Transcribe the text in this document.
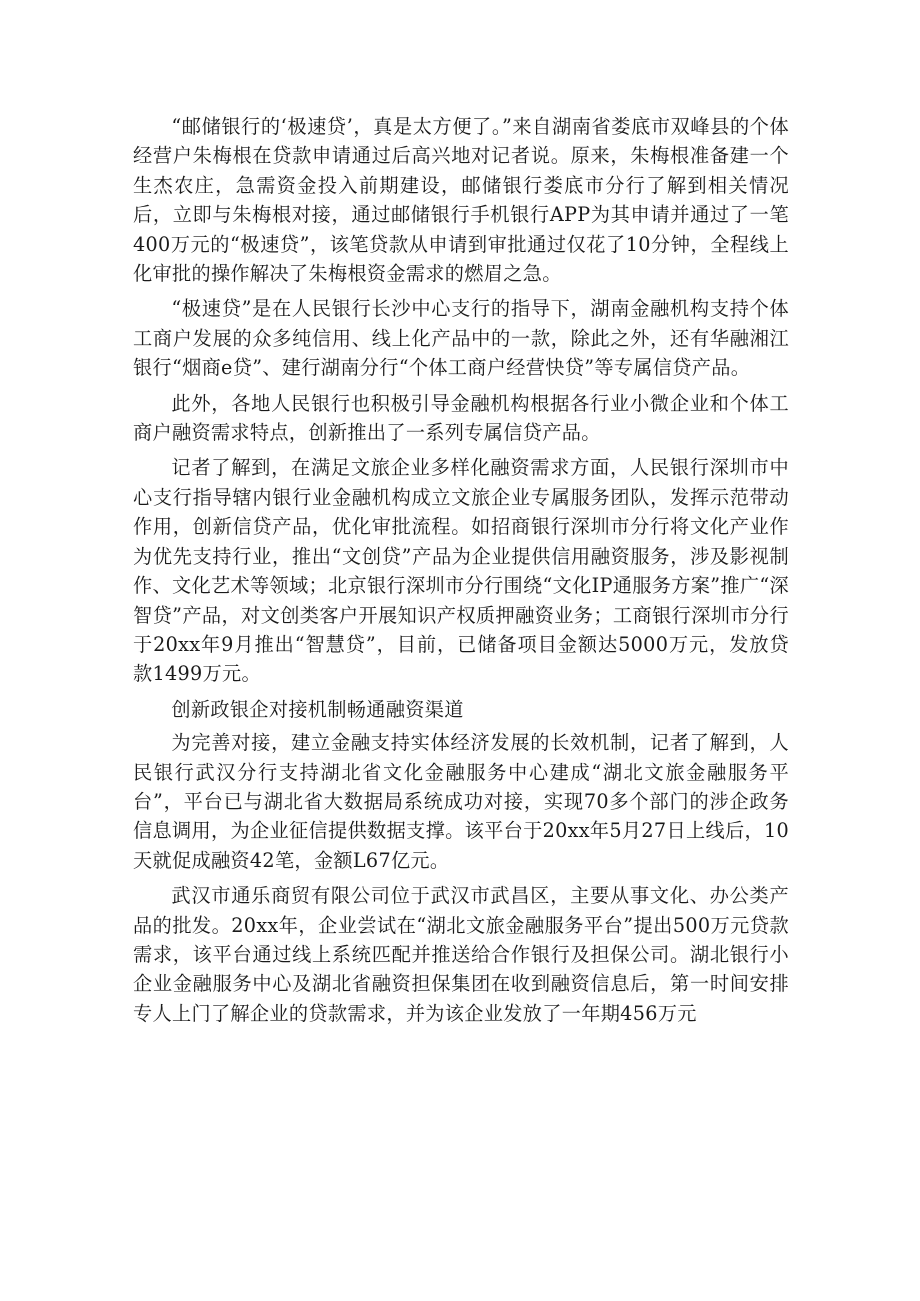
“邮储银行的‘极速贷’，真是太方便了。”来自湖南省娄底市双峰县的个体经营户朱梅根在贷款申请通过后高兴地对记者说。原来，朱梅根准备建一个生杰农庄，急需资金投入前期建设，邮储银行娄底市分行了解到相关情况后，立即与朱梅根对接，通过邮储银行手机银行APP为其申请并通过了一笔400万元的“极速贷”，该笔贷款从申请到审批通过仅花了10分钟，全程线上化审批的操作解决了朱梅根资金需求的燃眉之急。

“极速贷”是在人民银行长沙中心支行的指导下，湖南金融机构支持个体工商户发展的众多纯信用、线上化产品中的一款，除此之外，还有华融湘江银行“烟商e贷”、建行湖南分行“个体工商户经营快贷”等专属信贷产品。

此外，各地人民银行也积极引导金融机构根据各行业小微企业和个体工商户融资需求特点，创新推出了一系列专属信贷产品。

记者了解到，在满足文旅企业多样化融资需求方面，人民银行深圳市中心支行指导辖内银行业金融机构成立文旅企业专属服务团队，发挥示范带动作用，创新信贷产品，优化审批流程。如招商银行深圳市分行将文化产业作为优先支持行业，推出“文创贷”产品为企业提供信用融资服务，涉及影视制作、文化艺术等领域；北京银行深圳市分行围绕“文化IP通服务方案”推广“深智贷”产品，对文创类客户开展知识产权质押融资业务；工商银行深圳市分行于20xx年9月推出“智慧贷”，目前，已储备项目金额达5000万元，发放贷款1499万元。

创新政银企对接机制畅通融资渠道

为完善对接，建立金融支持实体经济发展的长效机制，记者了解到，人民银行武汉分行支持湖北省文化金融服务中心建成“湖北文旅金融服务平台”，平台已与湖北省大数据局系统成功对接，实现70多个部门的涉企政务信息调用，为企业征信提供数据支撑。该平台于20xx年5月27日上线后，10天就促成融资42笔，金额L67亿元。

武汉市通乐商贸有限公司位于武汉市武昌区，主要从事文化、办公类产品的批发。20xx年，企业尝试在“湖北文旅金融服务平台”提出500万元贷款需求，该平台通过线上系统匹配并推送给合作银行及担保公司。湖北银行小企业金融服务中心及湖北省融资担保集团在收到融资信息后，第一时间安排专人上门了解企业的贷款需求，并为该企业发放了一年期456万元
